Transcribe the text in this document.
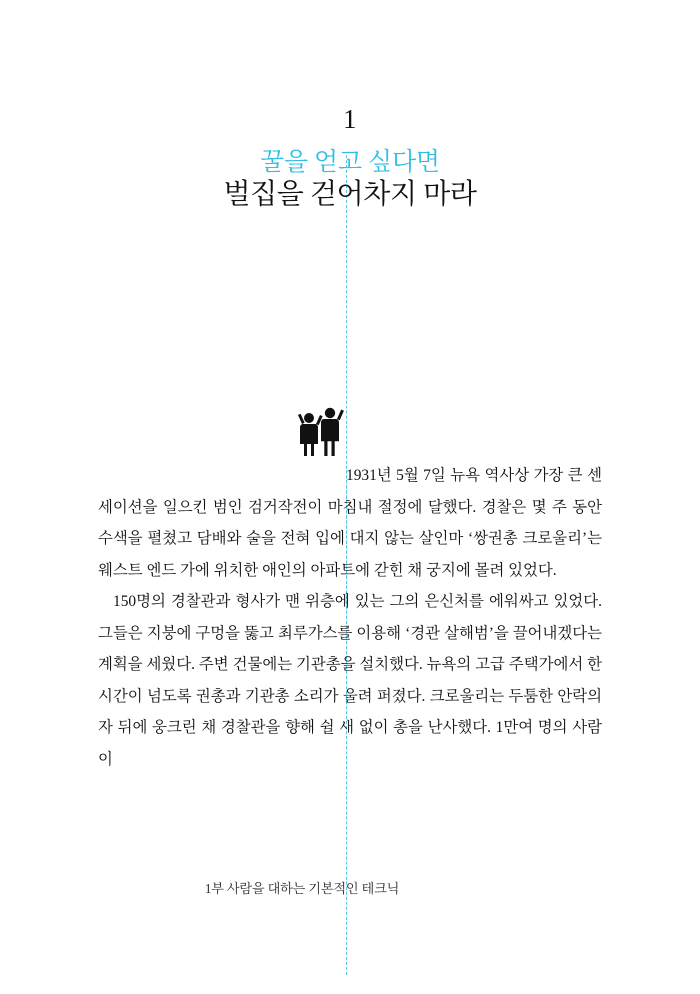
1
꿀을 얻고 싶다면
벌집을 걷어차지 마라

1931년 5월 7일 뉴욕 역사상 가장 큰 센세이션을 일으킨 범인 검거작전이 마침내 절정에 달했다. 경찰은 몇 주 동안 수색을 펼쳤고 담배와 술을 전혀 입에 대지 않는 살인마 ‘쌍권총 크로울리’는 웨스트 엔드 가에 위치한 애인의 아파트에 갇힌 채 궁지에 몰려 있었다.

150명의 경찰관과 형사가 맨 위층에 있는 그의 은신처를 에워싸고 있었다. 그들은 지붕에 구멍을 뚫고 최루가스를 이용해 ‘경관 살해범’을 끌어내겠다는 계획을 세웠다. 주변 건물에는 기관총을 설치했다. 뉴욕의 고급 주택가에서 한 시간이 넘도록 권총과 기관총 소리가 울려 퍼졌다. 크로울리는 두툼한 안락의자 뒤에 웅크린 채 경찰관을 향해 쉴 새 없이 총을 난사했다. 1만여 명의 사람이

1부 사람을 대하는 기본적인 테크닉
